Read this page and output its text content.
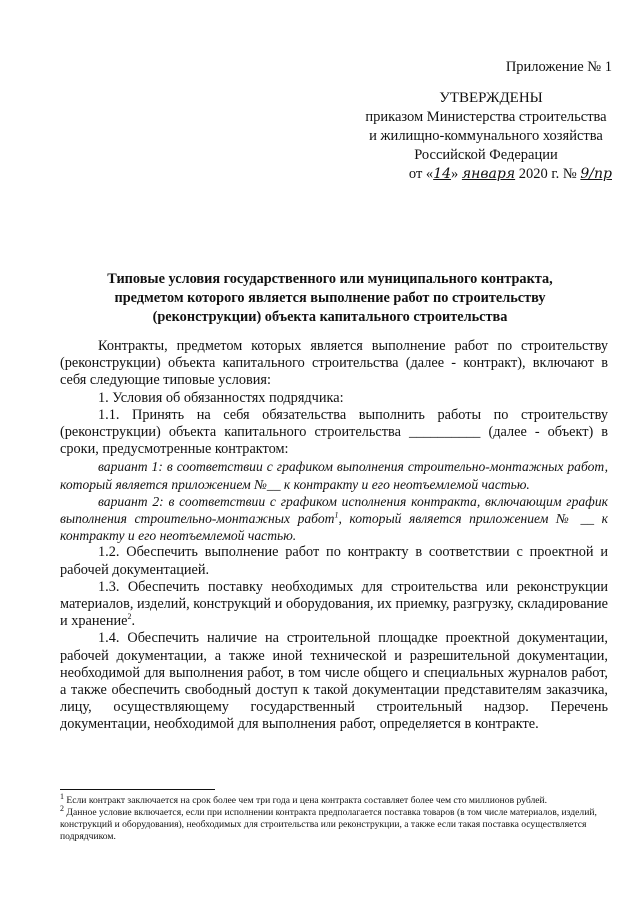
Приложение № 1
УТВЕРЖДЕНЫ
приказом Министерства строительства
и жилищно-коммунального хозяйства
Российской Федерации
от «14» января 2020 г. № 9/пр
Типовые условия государственного или муниципального контракта,
предметом которого является выполнение работ по строительству
(реконструкции) объекта капитального строительства

Контракты, предметом которых является выполнение работ по строительству (реконструкции) объекта капитального строительства (далее - контракт), включают в себя следующие типовые условия:

1. Условия об обязанностях подрядчика:

1.1. Принять на себя обязательства выполнить работы по строительству (реконструкции) объекта капитального строительства __________ (далее - объект) в сроки, предусмотренные контрактом:

вариант 1: в соответствии с графиком выполнения строительно-монтажных работ, который является приложением №__ к контракту и его неотъемлемой частью.

вариант 2: в соответствии с графиком исполнения контракта, включающим график выполнения строительно-монтажных работ$^1$, который является приложением № __ к контракту и его неотъемлемой частью.

1.2. Обеспечить выполнение работ по контракту в соответствии с проектной и рабочей документацией.

1.3. Обеспечить поставку необходимых для строительства или реконструкции материалов, изделий, конструкций и оборудования, их приемку, разгрузку, складирование и хранение$^2$.

1.4. Обеспечить наличие на строительной площадке проектной документации, рабочей документации, а также иной технической и разрешительной документации, необходимой для выполнения работ, в том числе общего и специальных журналов работ, а также обеспечить свободный доступ к такой документации представителям заказчика, лицу, осуществляющему государственный строительный надзор. Перечень документации, необходимой для выполнения работ, определяется в контракте.

$^1$ Если контракт заключается на срок более чем три года и цена контракта составляет более чем сто миллионов рублей.

$^2$ Данное условие включается, если при исполнении контракта предполагается поставка товаров (в том числе материалов, изделий, конструкций и оборудования), необходимых для строительства или реконструкции, а также если такая поставка осуществляется подрядчиком.
